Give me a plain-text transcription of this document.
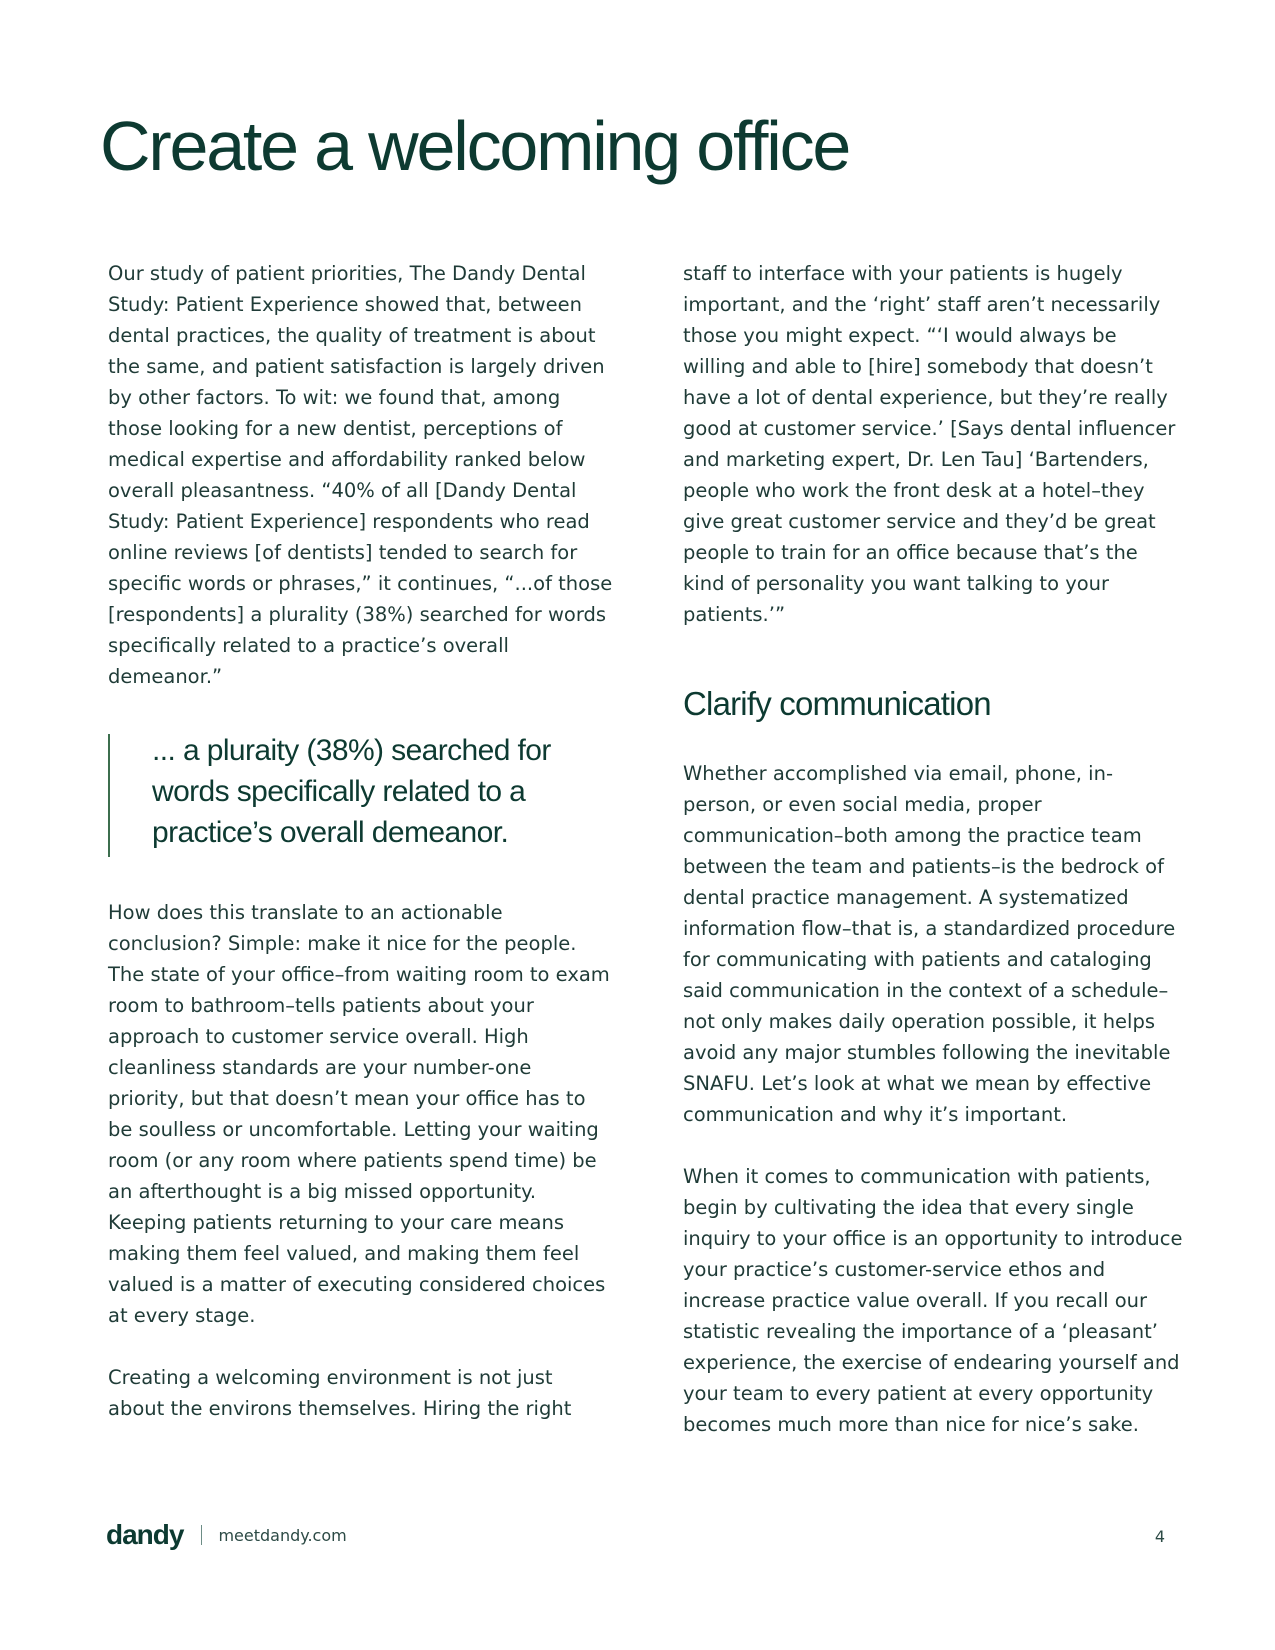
Create a welcoming office

Our study of patient priorities, The Dandy Dental Study: Patient Experience showed that, between dental practices, the quality of treatment is about the same, and patient satisfaction is largely driven by other factors. To wit: we found that, among those looking for a new dentist, perceptions of medical expertise and affordability ranked below overall pleasantness. “40% of all [Dandy Dental Study: Patient Experience] respondents who read online reviews [of dentists] tended to search for specific words or phrases,” it continues, “...of those [respondents] a plurality (38%) searched for words specifically related to a practice’s overall demeanor.”

... a pluraity (38%) searched for words specifically related to a practice’s overall demeanor.

How does this translate to an actionable conclusion? Simple: make it nice for the people. The state of your office–from waiting room to exam room to bathroom–tells patients about your approach to customer service overall. High cleanliness standards are your number-one priority, but that doesn’t mean your office has to be soulless or uncomfortable. Letting your waiting room (or any room where patients spend time) be an afterthought is a big missed opportunity. Keeping patients returning to your care means making them feel valued, and making them feel valued is a matter of executing considered choices at every stage.

Creating a welcoming environment is not just about the environs themselves. Hiring the right

staff to interface with your patients is hugely important, and the ‘right’ staff aren’t necessarily those you might expect. “‘I would always be willing and able to [hire] somebody that doesn’t have a lot of dental experience, but they’re really good at customer service.’ [Says dental influencer and marketing expert, Dr. Len Tau] ‘Bartenders, people who work the front desk at a hotel–they give great customer service and they’d be great people to train for an office because that’s the kind of personality you want talking to your patients.’”

Clarify communication

Whether accomplished via email, phone, in-person, or even social media, proper communication–both among the practice team between the team and patients–is the bedrock of dental practice management. A systematized information flow–that is, a standardized procedure for communicating with patients and cataloging said communication in the context of a schedule–not only makes daily operation possible, it helps avoid any major stumbles following the inevitable SNAFU. Let’s look at what we mean by effective communication and why it’s important.

When it comes to communication with patients, begin by cultivating the idea that every single inquiry to your office is an opportunity to introduce your practice’s customer-service ethos and increase practice value overall. If you recall our statistic revealing the importance of a ‘pleasant’ experience, the exercise of endearing yourself and your team to every patient at every opportunity becomes much more than nice for nice’s sake.

dandy meetdandy.com	4
